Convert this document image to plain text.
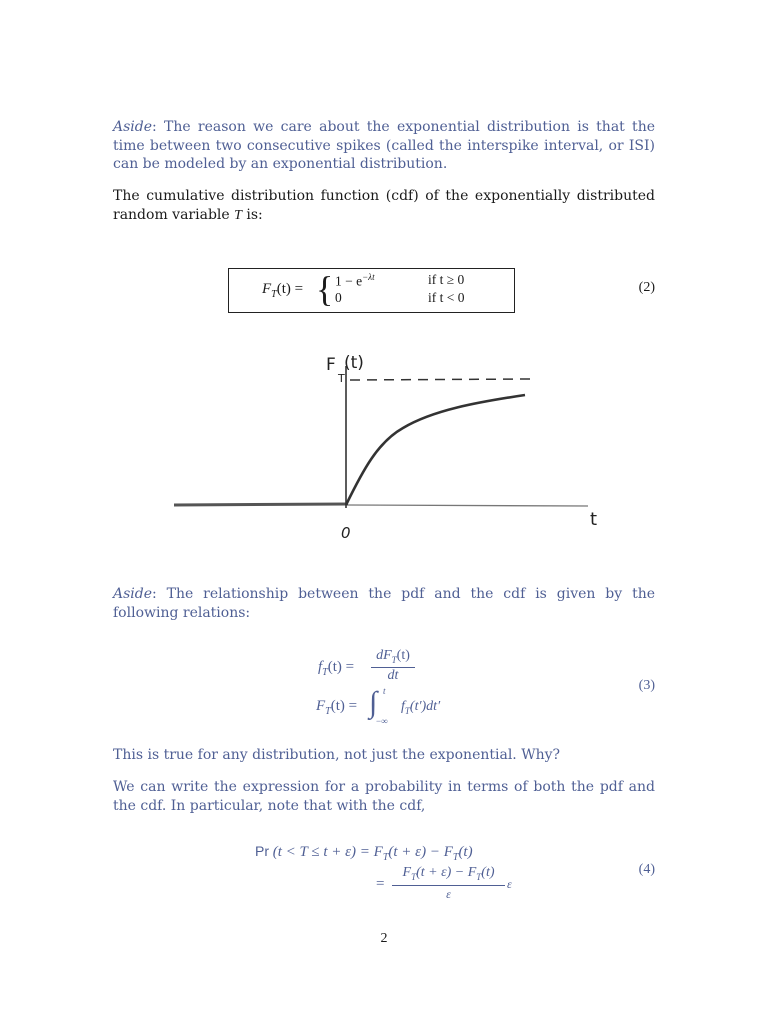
Aside: The reason we care about the exponential distribution is that the time between two consecutive spikes (called the interspike interval, or ISI) can be modeled by an exponential distribution.

The cumulative distribution function (cdf) of the exponentially distributed random variable T is:

$F_T(t)$ = { $1 - e^{-\lambda t}$	if t ≥ 0
0	if t < 0
(2)
F
T
(t)
t
0

Aside: The relationship between the pdf and the cdf is given by the following relations:

$f_T(t)$ =
$dF_T(t)$
dt
$F_T(t)$ = ∫ t
−∞
$f_T(t')dt'$
(3)

This is true for any distribution, not just the exponential. Why?

We can write the expression for a probability in terms of both the pdf and the cdf. In particular, note that with the cdf,

Pr $(t < T \le t + \varepsilon) = F_T(t + \varepsilon) - F_T(t)$
=
$F_T(t + \varepsilon) - F_T(t)$
ε
ε
(4)
2
